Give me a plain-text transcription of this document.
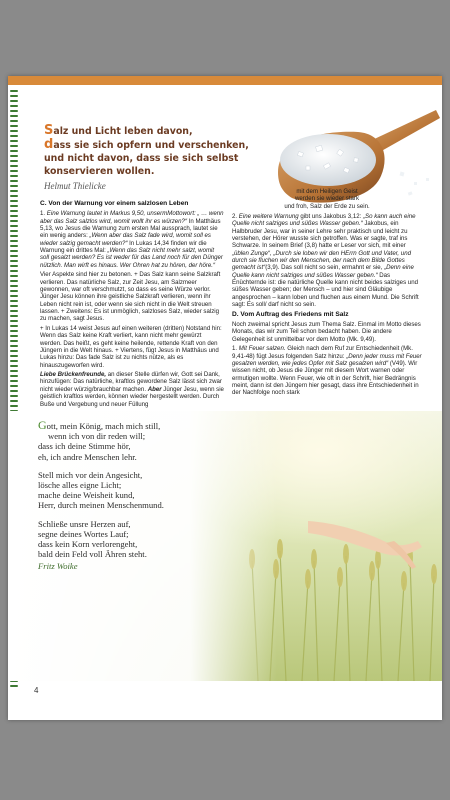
Salz und Licht leben davon,
dass sie sich opfern und verschenken,
und nicht davon, dass sie sich selbst
konservieren wollen.
Helmut Thielicke
C. Von der Warnung vor einem salzlosen Leben

1. Eine Warnung lautet in Markus 9,50, unsermMottowort: „ … wenn aber das Salz salzlos wird, womit wollt ihr es würzen?“ In Matthäus 5,13, wo Jesus die Warnung zum ersten Mal aussprach, lautet sie ein wenig anders: „Wenn aber das Salz fade wird, womit soll es wieder salzig gemacht werden?“ In Lukas 14,34 finden wir die Warnung ein drittes Mal: „Wenn das Salz nicht mehr salzt, womit soll gesalzt werden? Es ist weder für das Land noch für den Dünger nützlich. Man wirft es hinaus. Wer Ohren hat zu hören, der höre.“

Vier Aspekte sind hier zu betonen. + Das Salz kann seine Salzkraft verlieren. Das natürliche Salz, zur Zeit Jesu, am Salzmeer gewonnen, war oft verschmutzt, so dass es seine Würze verlor. Jünger Jesu können ihre geistliche Salzkraft verlieren, wenn ihr Leben nicht rein ist, oder wenn sie sich nicht in die Welt streuen lassen. + Zweitens: Es ist unmöglich, salzloses Salz, wieder salzig zu machen, sagt Jesus.

+ In Lukas 14 weist Jesus auf einen weiteren (dritten) Notstand hin: Wenn das Salz keine Kraft verliert, kann nicht mehr gewürzt werden. Das heißt, es geht keine heilende, rettende Kraft von den Jüngern in die Welt hinaus. + Viertens, fügt Jesus in Matthäus und Lukas hinzu: Das fade Salz ist zu nichts nütze, als es hinauszugeworfen wird.

Liebe Brückenfreunde, an dieser Stelle dürfen wir, Gott sei Dank, hinzufügen: Das natürliche, kraftlos gewordene Salz lässt sich zwar nicht wieder würzig/brauchbar machen. Aber Jünger Jesu, wenn sie geistlich kraftlos werden, können wieder hergestellt werden. Durch Buße und Vergebung und neuer Füllung

mit dem Heiligen Geist
werden sie wieder stark
und froh, Salz der Erde zu sein.

2. Eine weitere Warnung gibt uns Jakobus 3,12: „So kann auch eine Quelle nicht salziges und süßes Wasser geben.“ Jakobus, ein Halbbruder Jesu, war in seiner Lehre sehr praktisch und leicht zu verstehen, der Hörer wusste sich getroffen. Was er sagte, traf ins Schwarze. In seinem Brief (3,8) hatte er Leser vor sich, mit einer „üblen Zunge“, „Durch sie loben wir den HErrn Gott und Vater, und durch sie fluchen wir den Menschen, der nach dem Bilde Gottes gemacht ist“(3,9). Das soll nicht so sein, ermahnt er sie, „Denn eine Quelle kann nicht salziges und süßes Wasser geben.“ Das Enüchternde ist: die natürliche Quelle kann nicht beides salziges und süßes Wasser geben; der Mensch – und hier sind Gläubige angesprochen – kann loben und fluchen aus einem Mund. Die Schrift sagt: Es soll/ darf nicht so sein.

D. Vom Auftrag des Friedens mit Salz

Noch zweimal spricht Jesus zum Thema Salz. Einmal im Motto dieses Monats, das wir zum Teil schon bedacht haben. Die andere Gelegenheit ist unmittelbar vor dem Motto (Mk. 9,49).

1. Mit Feuer salzen. Gleich nach dem Ruf zur Entschiedenheit (Mk. 9,41-48) fügt Jesus folgenden Satz hinzu: „Denn jeder muss mit Feuer gesalzen werden, wie jedes Opfer mit Salz gesalzen wird“ (V49). Wir wissen nicht, ob Jesus die Jünger mit diesem Wort warnen oder ermutigen wollte. Wenn Feuer, wie oft in der Schrift, hier Bedrängnis meint, dann ist den Jüngern hier gesagt, dass ihre Entschiedenheit in der Nachfolge noch stark

Gott, mein König, mach mich still,
wenn ich von dir reden will;
dass ich deine Stimme hör,
eh, ich andre Menschen lehr.
Stell mich vor dein Angesicht,
lösche alles eigne Licht;
mache deine Weisheit kund,
Herr, durch meinen Menschenmund.
Schließe unsre Herzen auf,
segne deines Wortes Lauf;
dass kein Korn verlorengeht,
bald dein Feld voll Ähren steht.
Fritz Woike
4
